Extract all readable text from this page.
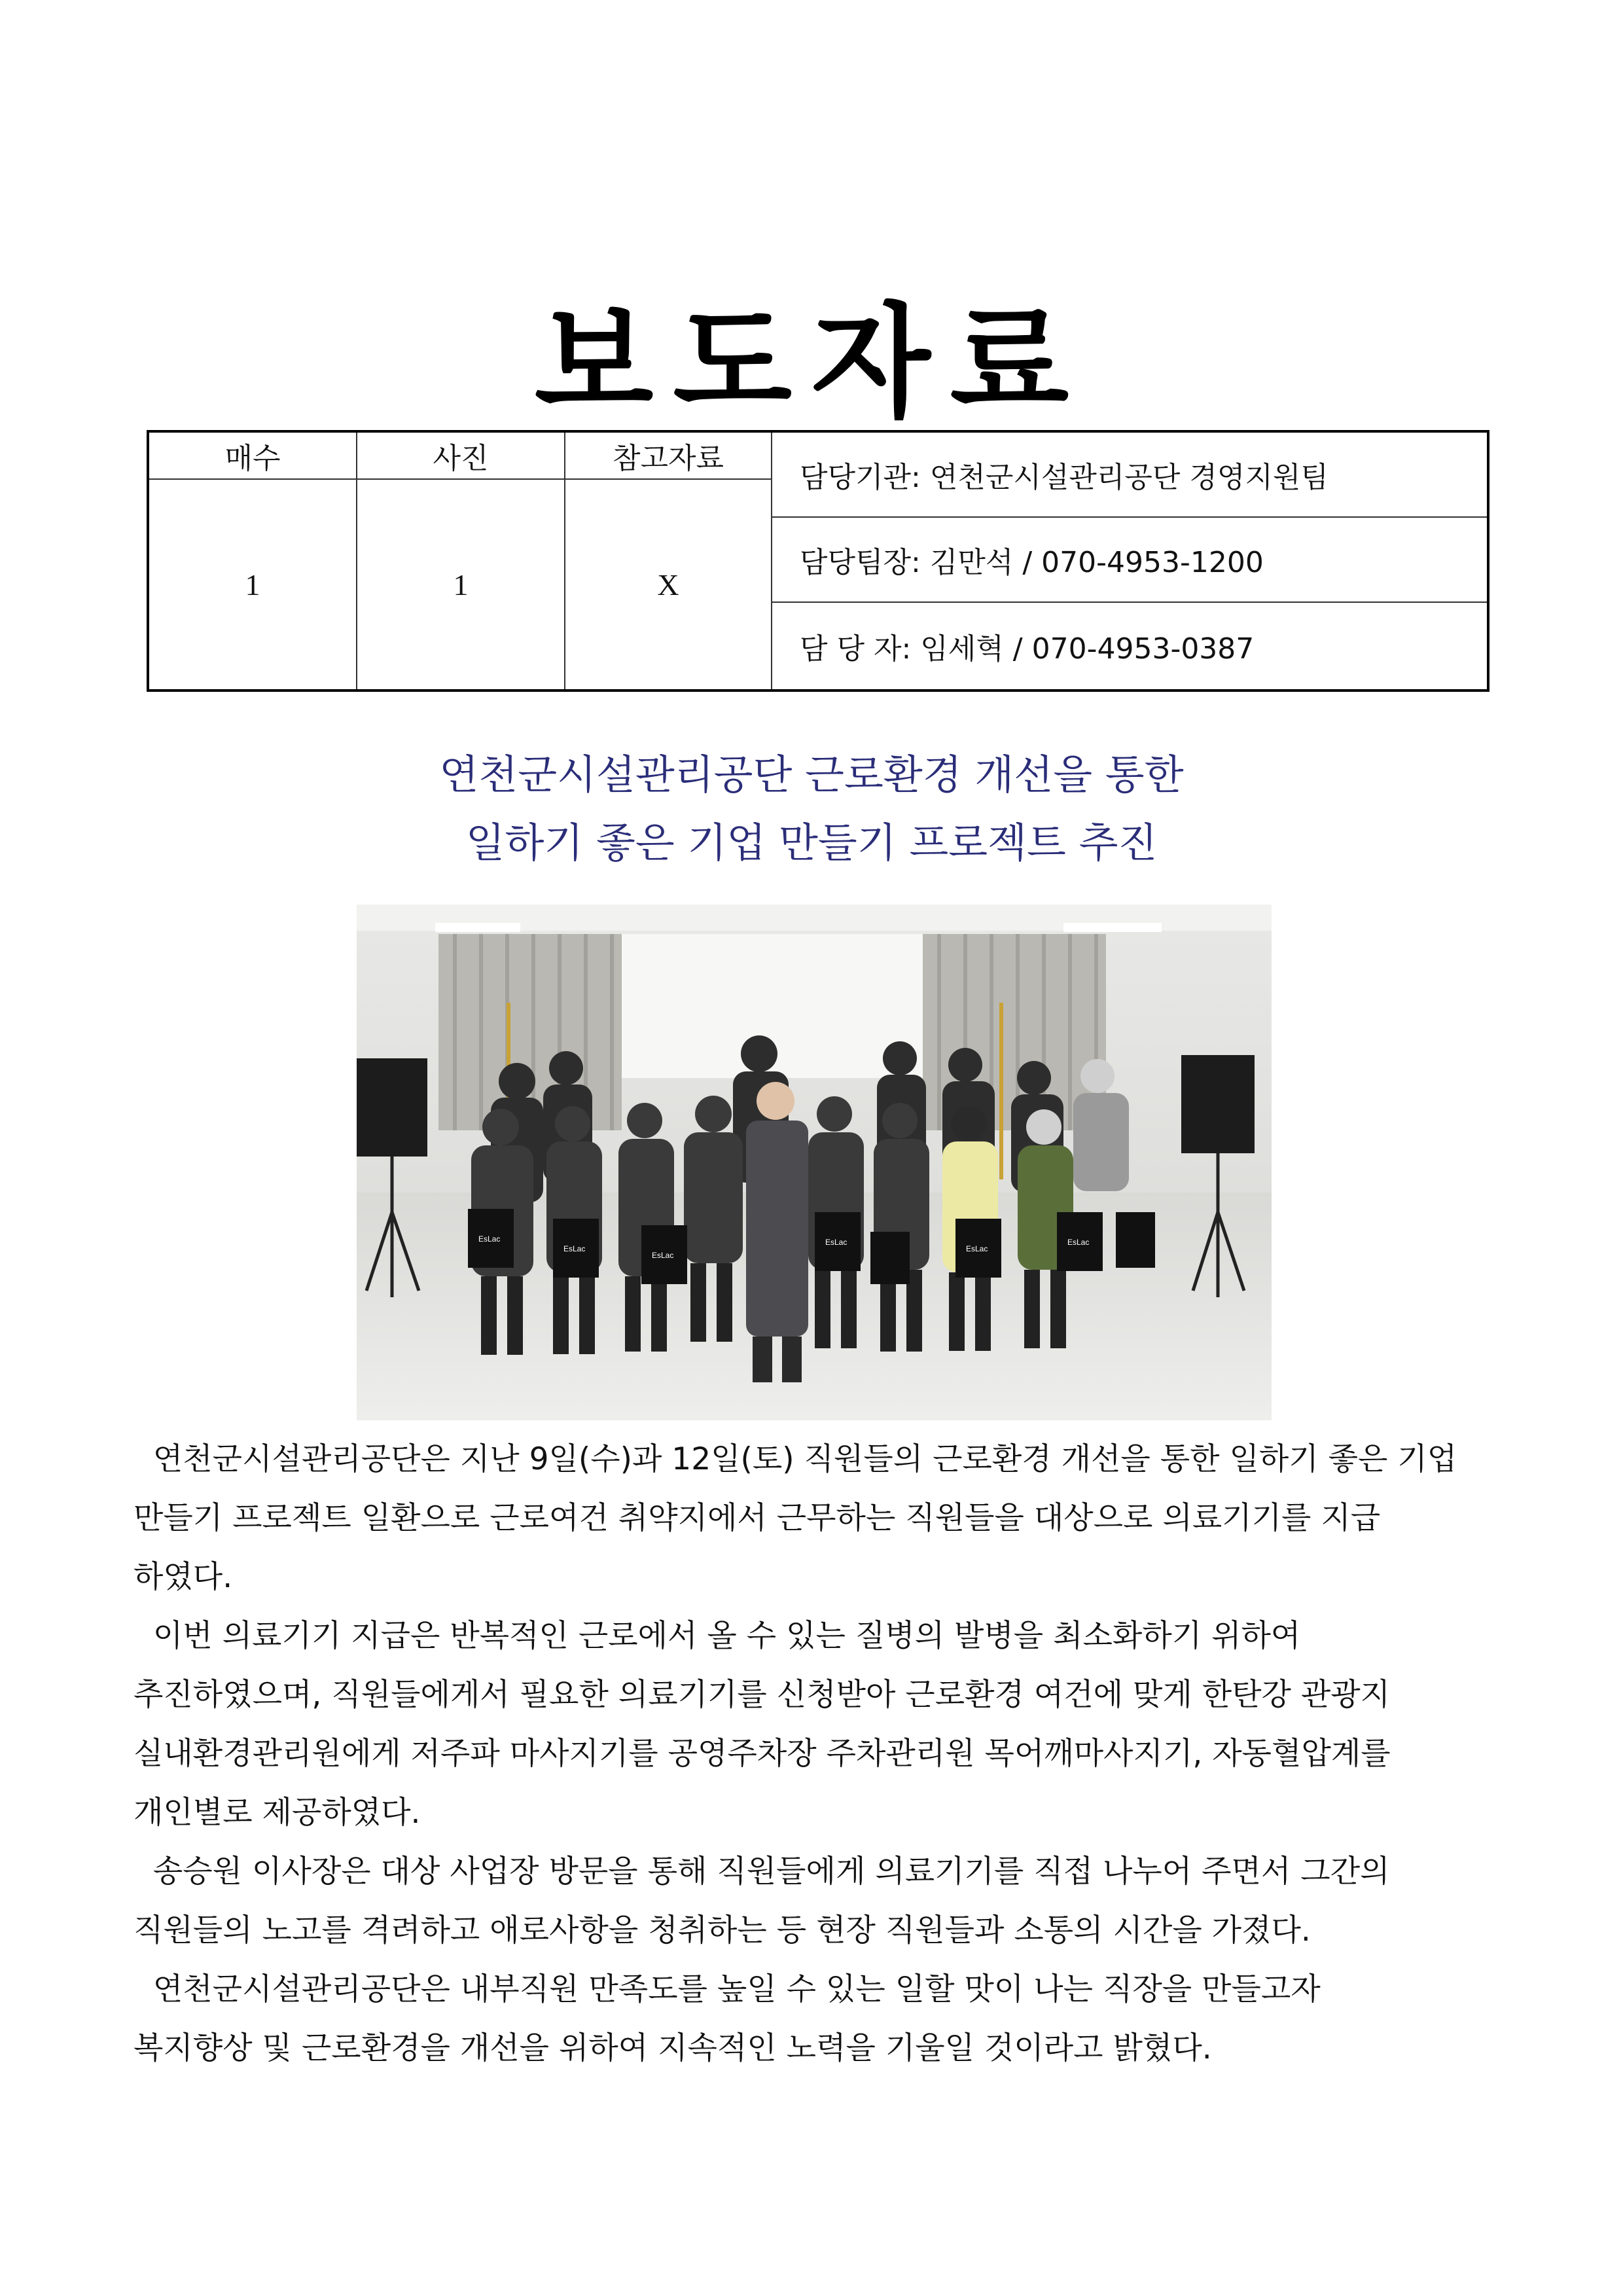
보도자료
매수	사진	참고자료
1	1	X
담당기관: 연천군시설관리공단 경영지원팀
담당팀장: 김만석 / 070-4953-1200
담 당 자: 임세혁 / 070-4953-0387
연천군시설관리공단 근로환경 개선을 통한
일하기 좋은 기업 만들기 프로젝트 추진
EsLac
EsLac
EsLac
EsLac
EsLac
EsLac

연천군시설관리공단은 지난 9일(수)과 12일(토) 직원들의 근로환경 개선을 통한 일하기 좋은 기업

만들기 프로젝트 일환으로 근로여건 취약지에서 근무하는 직원들을 대상으로 의료기기를 지급

하였다.

이번 의료기기 지급은 반복적인 근로에서 올 수 있는 질병의 발병을 최소화하기 위하여

추진하였으며, 직원들에게서 필요한 의료기기를 신청받아 근로환경 여건에 맞게 한탄강 관광지

실내환경관리원에게 저주파 마사지기를 공영주차장 주차관리원 목어깨마사지기, 자동혈압계를

개인별로 제공하였다.

송승원 이사장은 대상 사업장 방문을 통해 직원들에게 의료기기를 직접 나누어 주면서 그간의

직원들의 노고를 격려하고 애로사항을 청취하는 등 현장 직원들과 소통의 시간을 가졌다.

연천군시설관리공단은 내부직원 만족도를 높일 수 있는 일할 맛이 나는 직장을 만들고자

복지향상 및 근로환경을 개선을 위하여 지속적인 노력을 기울일 것이라고 밝혔다.
